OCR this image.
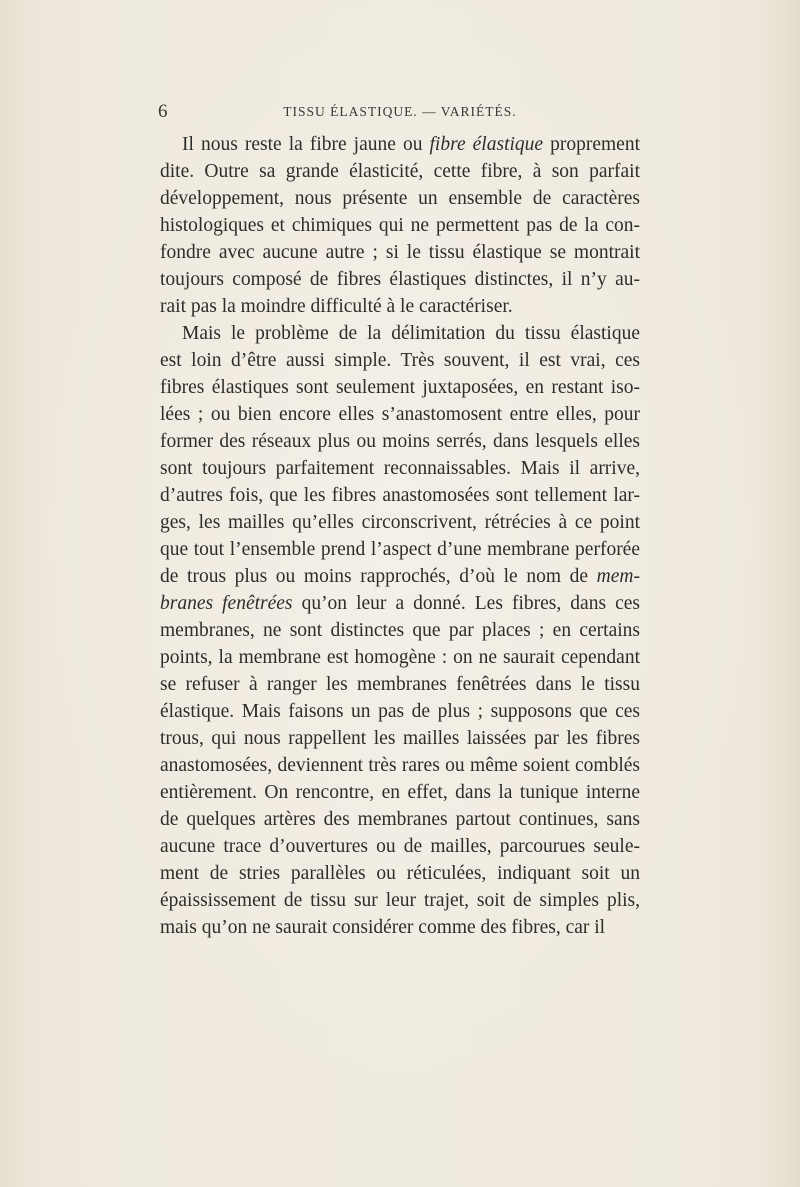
6	TISSU ÉLASTIQUE. — VARIÉTÉS.
Il nous reste la fibre jaune ou fibre élastique proprement
dite. Outre sa grande élasticité, cette fibre, à son parfait
développement, nous présente un ensemble de caractères
histologiques et chimiques qui ne permettent pas de la con-
fondre avec aucune autre ; si le tissu élastique se montrait
toujours composé de fibres élastiques distinctes, il n’y au-
rait pas la moindre difficulté à le caractériser.
Mais le problème de la délimitation du tissu élastique
est loin d’être aussi simple. Très souvent, il est vrai, ces
fibres élastiques sont seulement juxtaposées, en restant iso-
lées ; ou bien encore elles s’anastomosent entre elles, pour
former des réseaux plus ou moins serrés, dans lesquels elles
sont toujours parfaitement reconnaissables. Mais il arrive,
d’autres fois, que les fibres anastomosées sont tellement lar-
ges, les mailles qu’elles circonscrivent, rétrécies à ce point
que tout l’ensemble prend l’aspect d’une membrane perforée
de trous plus ou moins rapprochés, d’où le nom de mem-
branes fenêtrées qu’on leur a donné. Les fibres, dans ces
membranes, ne sont distinctes que par places ; en certains
points, la membrane est homogène : on ne saurait cependant
se refuser à ranger les membranes fenêtrées dans le tissu
élastique. Mais faisons un pas de plus ; supposons que ces
trous, qui nous rappellent les mailles laissées par les fibres
anastomosées, deviennent très rares ou même soient comblés
entièrement. On rencontre, en effet, dans la tunique interne
de quelques artères des membranes partout continues, sans
aucune trace d’ouvertures ou de mailles, parcourues seule-
ment de stries parallèles ou réticulées, indiquant soit un
épaississement de tissu sur leur trajet, soit de simples plis,
mais qu’on ne saurait considérer comme des fibres, car il
